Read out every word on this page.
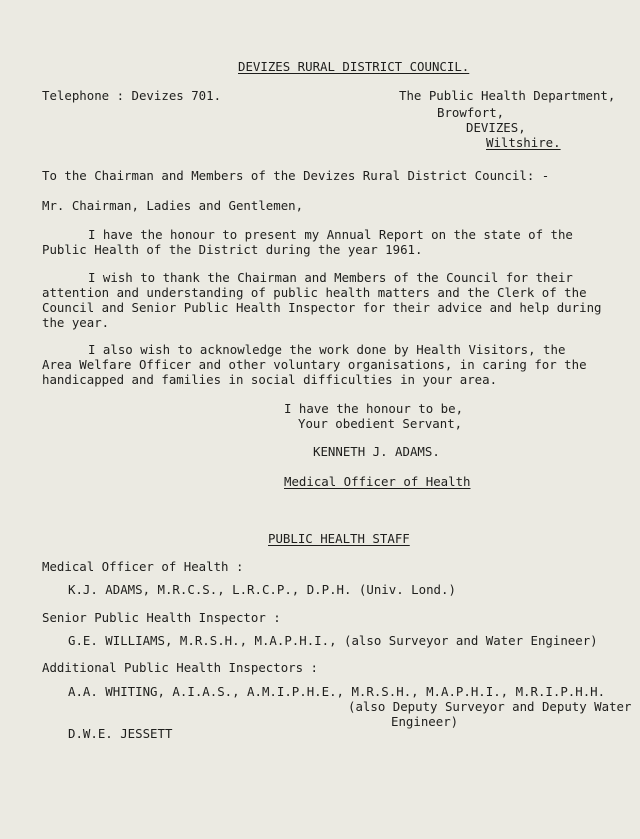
DEVIZES RURAL DISTRICT COUNCIL.
Telephone : Devizes 701.	The Public Health Department,
Browfort,
DEVIZES,
Wiltshire.
To the Chairman and Members of the Devizes Rural District Council: -
Mr. Chairman, Ladies and Gentlemen,
I have the honour to present my Annual Report on the state of the
Public Health of the District during the year 1961.
I wish to thank the Chairman and Members of the Council for their
attention and understanding of public health matters and the Clerk of the
Council and Senior Public Health Inspector for their advice and help during
the year.
I also wish to acknowledge the work done by Health Visitors, the
Area Welfare Officer and other voluntary organisations, in caring for the
handicapped and families in social difficulties in your area.
I have the honour to be,
Your obedient Servant,
KENNETH J. ADAMS.
Medical Officer of Health
PUBLIC HEALTH STAFF
Medical Officer of Health :
K.J. ADAMS, M.R.C.S., L.R.C.P., D.P.H. (Univ. Lond.)
Senior Public Health Inspector :
G.E. WILLIAMS, M.R.S.H., M.A.P.H.I., (also Surveyor and Water Engineer)
Additional Public Health Inspectors :
A.A. WHITING, A.I.A.S., A.M.I.P.H.E., M.R.S.H., M.A.P.H.I., M.R.I.P.H.H.
(also Deputy Surveyor and Deputy Water
Engineer)
D.W.E. JESSETT
